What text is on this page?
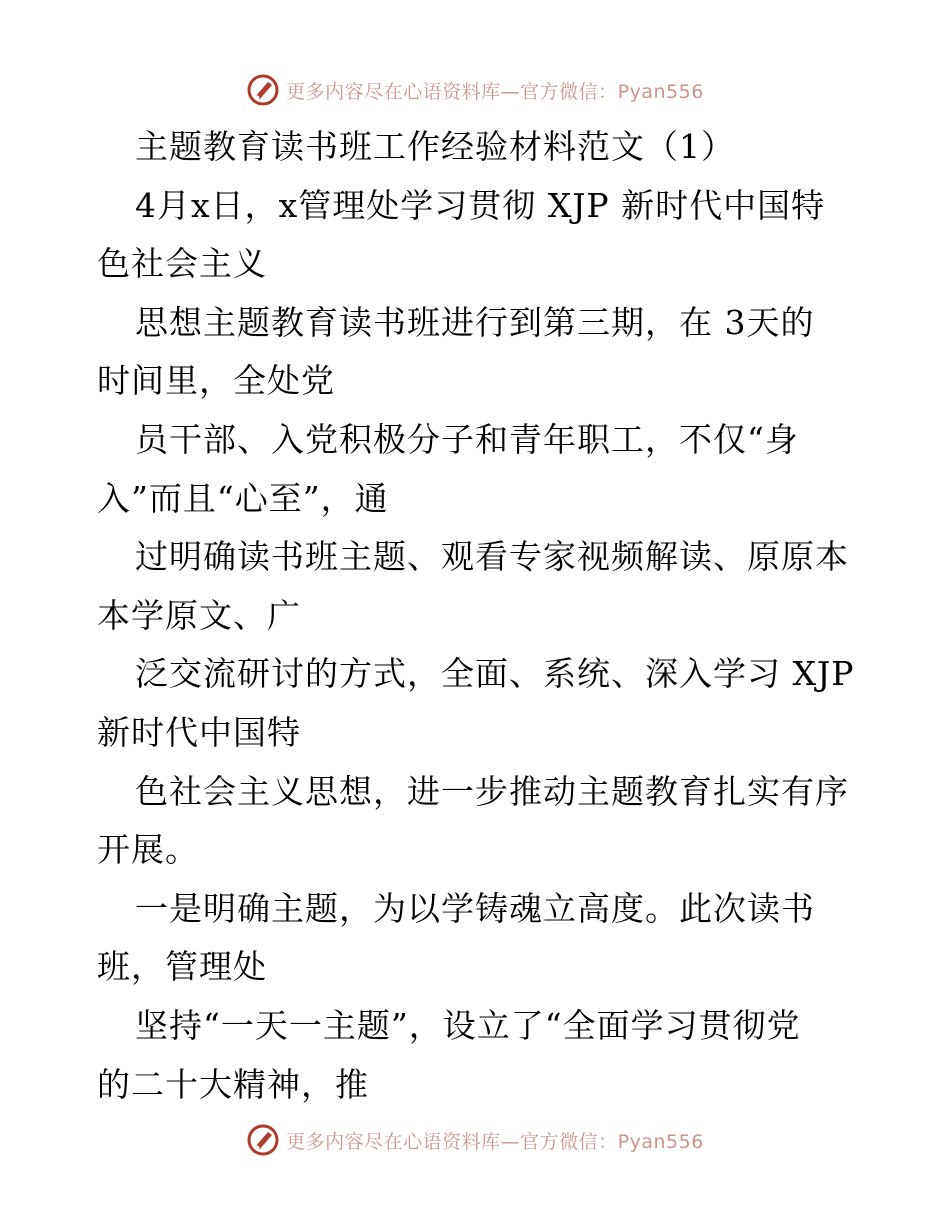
更多内容尽在心语资料库—官方微信：Pyan556
主题教育读书班工作经验材料范文（1）
4月x日，x管理处学习贯彻 XJP 新时代中国特
色社会主义
思想主题教育读书班进行到第三期，在 3天的
时间里，全处党
员干部、入党积极分子和青年职工，不仅“身
入”而且“心至”，通
过明确读书班主题、观看专家视频解读、原原本
本学原文、广
泛交流研讨的方式，全面、系统、深入学习 XJP
新时代中国特
色社会主义思想，进一步推动主题教育扎实有序
开展。
一是明确主题，为以学铸魂立高度。此次读书
班，管理处
坚持“一天一主题”，设立了“全面学习贯彻党
的二十大精神，推
更多内容尽在心语资料库—官方微信：Pyan556
